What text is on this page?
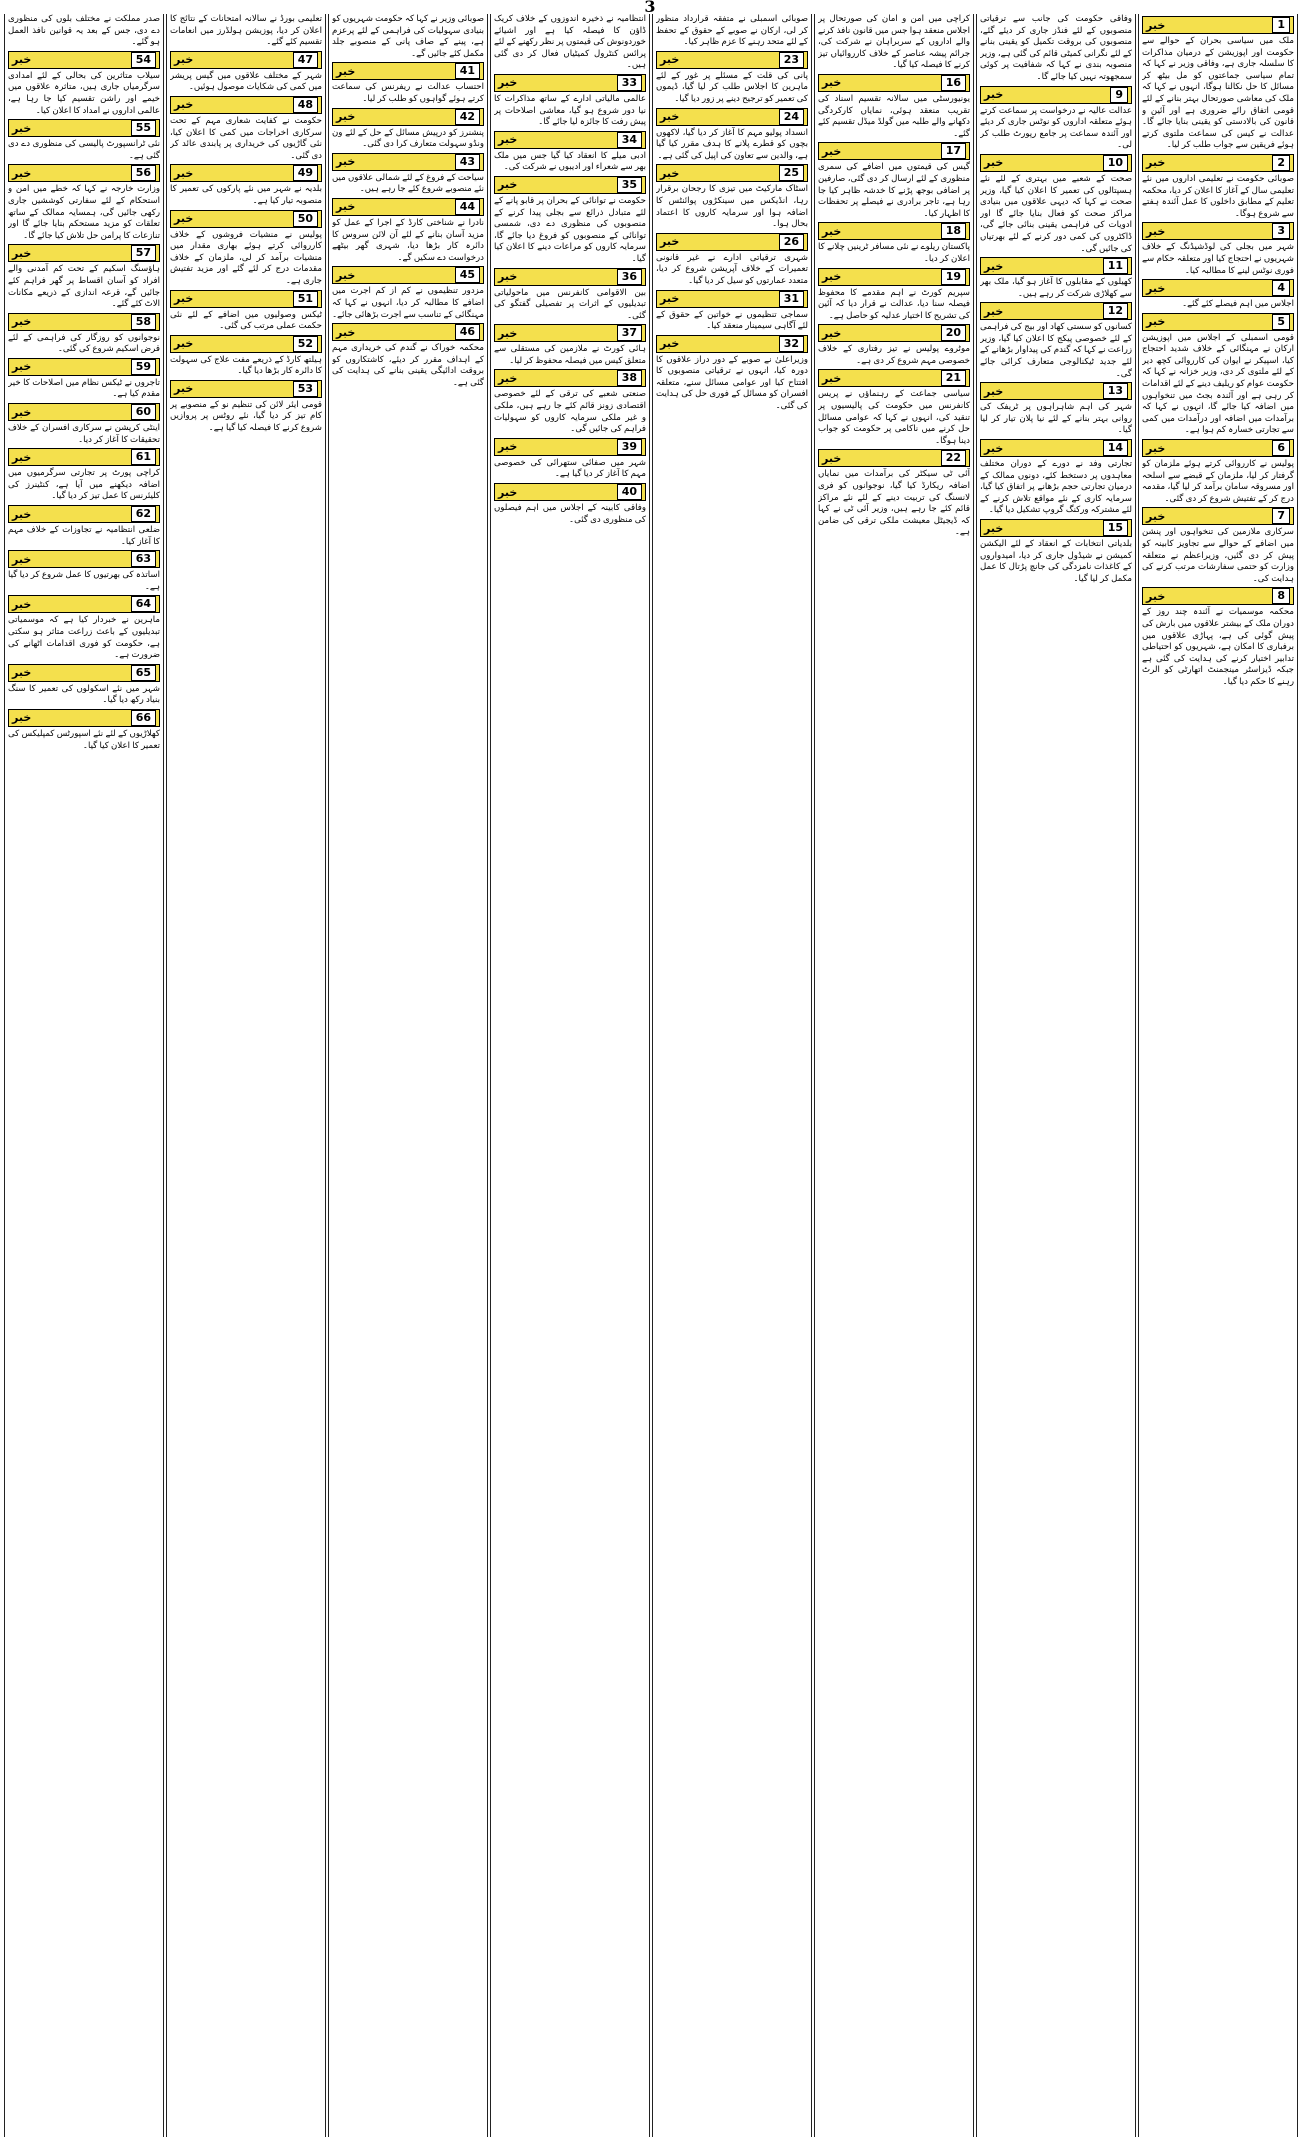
3
1
خبر

ملک میں سیاسی بحران کے حوالے سے حکومت اور اپوزیشن کے درمیان مذاکرات کا سلسلہ جاری ہے، وفاقی وزیر نے کہا کہ تمام سیاسی جماعتوں کو مل بیٹھ کر مسائل کا حل نکالنا ہوگا، انہوں نے کہا کہ ملک کی معاشی صورتحال بہتر بنانے کے لئے قومی اتفاق رائے ضروری ہے اور آئین و قانون کی بالادستی کو یقینی بنایا جائے گا۔ عدالت نے کیس کی سماعت ملتوی کرتے ہوئے فریقین سے جواب طلب کر لیا۔

2
خبر

صوبائی حکومت نے تعلیمی اداروں میں نئے تعلیمی سال کے آغاز کا اعلان کر دیا، محکمہ تعلیم کے مطابق داخلوں کا عمل آئندہ ہفتے سے شروع ہوگا۔

3
خبر

شہر میں بجلی کی لوڈشیڈنگ کے خلاف شہریوں نے احتجاج کیا اور متعلقہ حکام سے فوری نوٹس لینے کا مطالبہ کیا۔

4
خبر

اجلاس میں اہم فیصلے کئے گئے۔

5
خبر

قومی اسمبلی کے اجلاس میں اپوزیشن ارکان نے مہنگائی کے خلاف شدید احتجاج کیا، اسپیکر نے ایوان کی کارروائی کچھ دیر کے لئے ملتوی کر دی، وزیر خزانہ نے کہا کہ حکومت عوام کو ریلیف دینے کے لئے اقدامات کر رہی ہے اور آئندہ بجٹ میں تنخواہوں میں اضافہ کیا جائے گا، انہوں نے کہا کہ برآمدات میں اضافہ اور درآمدات میں کمی سے تجارتی خسارہ کم ہوا ہے۔

6
خبر

پولیس نے کارروائی کرتے ہوئے ملزمان کو گرفتار کر لیا، ملزمان کے قبضے سے اسلحہ اور مسروقہ سامان برآمد کر لیا گیا، مقدمہ درج کر کے تفتیش شروع کر دی گئی۔

7
خبر

سرکاری ملازمین کی تنخواہوں اور پنشن میں اضافے کے حوالے سے تجاویز کابینہ کو پیش کر دی گئیں، وزیراعظم نے متعلقہ وزارت کو حتمی سفارشات مرتب کرنے کی ہدایت کی۔

8
خبر

محکمہ موسمیات نے آئندہ چند روز کے دوران ملک کے بیشتر علاقوں میں بارش کی پیش گوئی کی ہے، پہاڑی علاقوں میں برفباری کا امکان ہے، شہریوں کو احتیاطی تدابیر اختیار کرنے کی ہدایت کی گئی ہے جبکہ ڈیزاسٹر مینجمنٹ اتھارٹی کو الرٹ رہنے کا حکم دیا گیا۔

وفاقی حکومت کی جانب سے ترقیاتی منصوبوں کے لئے فنڈز جاری کر دیئے گئے، منصوبوں کی بروقت تکمیل کو یقینی بنانے کے لئے نگرانی کمیٹی قائم کی گئی ہے، وزیر منصوبہ بندی نے کہا کہ شفافیت پر کوئی سمجھوتہ نہیں کیا جائے گا۔

9
خبر

عدالت عالیہ نے درخواست پر سماعت کرتے ہوئے متعلقہ اداروں کو نوٹس جاری کر دیئے اور آئندہ سماعت پر جامع رپورٹ طلب کر لی۔

10
خبر

صحت کے شعبے میں بہتری کے لئے نئے ہسپتالوں کی تعمیر کا اعلان کیا گیا، وزیر صحت نے کہا کہ دیہی علاقوں میں بنیادی مراکز صحت کو فعال بنایا جائے گا اور ادویات کی فراہمی یقینی بنائی جائے گی، ڈاکٹروں کی کمی دور کرنے کے لئے بھرتیاں کی جائیں گی۔

11
خبر

کھیلوں کے مقابلوں کا آغاز ہو گیا، ملک بھر سے کھلاڑی شرکت کر رہے ہیں۔

12
خبر

کسانوں کو سستی کھاد اور بیج کی فراہمی کے لئے خصوصی پیکج کا اعلان کیا گیا، وزیر زراعت نے کہا کہ گندم کی پیداوار بڑھانے کے لئے جدید ٹیکنالوجی متعارف کرائی جائے گی۔

13
خبر

شہر کی اہم شاہراہوں پر ٹریفک کی روانی بہتر بنانے کے لئے نیا پلان تیار کر لیا گیا۔

14
خبر

تجارتی وفد نے دورے کے دوران مختلف معاہدوں پر دستخط کئے، دونوں ممالک کے درمیان تجارتی حجم بڑھانے پر اتفاق کیا گیا، سرمایہ کاری کے نئے مواقع تلاش کرنے کے لئے مشترکہ ورکنگ گروپ تشکیل دیا گیا۔

15
خبر

بلدیاتی انتخابات کے انعقاد کے لئے الیکشن کمیشن نے شیڈول جاری کر دیا، امیدواروں کے کاغذات نامزدگی کی جانچ پڑتال کا عمل مکمل کر لیا گیا۔

کراچی میں امن و امان کی صورتحال پر اجلاس منعقد ہوا جس میں قانون نافذ کرنے والے اداروں کے سربراہان نے شرکت کی، جرائم پیشہ عناصر کے خلاف کارروائیاں تیز کرنے کا فیصلہ کیا گیا۔

16
خبر

یونیورسٹی میں سالانہ تقسیم اسناد کی تقریب منعقد ہوئی، نمایاں کارکردگی دکھانے والے طلبہ میں گولڈ میڈل تقسیم کئے گئے۔

17
خبر

گیس کی قیمتوں میں اضافے کی سمری منظوری کے لئے ارسال کر دی گئی، صارفین پر اضافی بوجھ پڑنے کا خدشہ ظاہر کیا جا رہا ہے، تاجر برادری نے فیصلے پر تحفظات کا اظہار کیا۔

18
خبر

پاکستان ریلوے نے نئی مسافر ٹرینیں چلانے کا اعلان کر دیا۔

19
خبر

سپریم کورٹ نے اہم مقدمے کا محفوظ فیصلہ سنا دیا، عدالت نے قرار دیا کہ آئین کی تشریح کا اختیار عدلیہ کو حاصل ہے۔

20
خبر

موٹروے پولیس نے تیز رفتاری کے خلاف خصوصی مہم شروع کر دی ہے۔

21
خبر

سیاسی جماعت کے رہنماؤں نے پریس کانفرنس میں حکومت کی پالیسیوں پر تنقید کی، انہوں نے کہا کہ عوامی مسائل حل کرنے میں ناکامی پر حکومت کو جواب دینا ہوگا۔

22
خبر

آئی ٹی سیکٹر کی برآمدات میں نمایاں اضافہ ریکارڈ کیا گیا، نوجوانوں کو فری لانسنگ کی تربیت دینے کے لئے نئے مراکز قائم کئے جا رہے ہیں، وزیر آئی ٹی نے کہا کہ ڈیجیٹل معیشت ملکی ترقی کی ضامن ہے۔

صوبائی اسمبلی نے متفقہ قرارداد منظور کر لی، ارکان نے صوبے کے حقوق کے تحفظ کے لئے متحد رہنے کا عزم ظاہر کیا۔

23
خبر

پانی کی قلت کے مسئلے پر غور کے لئے ماہرین کا اجلاس طلب کر لیا گیا، ڈیموں کی تعمیر کو ترجیح دینے پر زور دیا گیا۔

24
خبر

انسداد پولیو مہم کا آغاز کر دیا گیا، لاکھوں بچوں کو قطرے پلانے کا ہدف مقرر کیا گیا ہے، والدین سے تعاون کی اپیل کی گئی ہے۔

25
خبر

اسٹاک مارکیٹ میں تیزی کا رجحان برقرار رہا، انڈیکس میں سینکڑوں پوائنٹس کا اضافہ ہوا اور سرمایہ کاروں کا اعتماد بحال ہوا۔

26
خبر

شہری ترقیاتی ادارے نے غیر قانونی تعمیرات کے خلاف آپریشن شروع کر دیا، متعدد عمارتوں کو سیل کر دیا گیا۔

31
خبر

سماجی تنظیموں نے خواتین کے حقوق کے لئے آگاہی سیمینار منعقد کیا۔

32
خبر

وزیراعلیٰ نے صوبے کے دور دراز علاقوں کا دورہ کیا، انہوں نے ترقیاتی منصوبوں کا افتتاح کیا اور عوامی مسائل سنے، متعلقہ افسران کو مسائل کے فوری حل کی ہدایت کی گئی۔

انتظامیہ نے ذخیرہ اندوزوں کے خلاف کریک ڈاؤن کا فیصلہ کیا ہے اور اشیائے خوردونوش کی قیمتوں پر نظر رکھنے کے لئے پرائس کنٹرول کمیٹیاں فعال کر دی گئی ہیں۔

33
خبر

عالمی مالیاتی ادارے کے ساتھ مذاکرات کا نیا دور شروع ہو گیا، معاشی اصلاحات پر پیش رفت کا جائزہ لیا جائے گا۔

34
خبر

ادبی میلے کا انعقاد کیا گیا جس میں ملک بھر سے شعراء اور ادیبوں نے شرکت کی۔

35
خبر

حکومت نے توانائی کے بحران پر قابو پانے کے لئے متبادل ذرائع سے بجلی پیدا کرنے کے منصوبوں کی منظوری دے دی، شمسی توانائی کے منصوبوں کو فروغ دیا جائے گا، سرمایہ کاروں کو مراعات دینے کا اعلان کیا گیا۔

36
خبر

بین الاقوامی کانفرنس میں ماحولیاتی تبدیلیوں کے اثرات پر تفصیلی گفتگو کی گئی۔

37
خبر

ہائی کورٹ نے ملازمین کی مستقلی سے متعلق کیس میں فیصلہ محفوظ کر لیا۔

38
خبر

صنعتی شعبے کی ترقی کے لئے خصوصی اقتصادی زونز قائم کئے جا رہے ہیں، ملکی و غیر ملکی سرمایہ کاروں کو سہولیات فراہم کی جائیں گی۔

39
خبر

شہر میں صفائی ستھرائی کی خصوصی مہم کا آغاز کر دیا گیا ہے۔

40
خبر

وفاقی کابینہ کے اجلاس میں اہم فیصلوں کی منظوری دی گئی۔

صوبائی وزیر نے کہا کہ حکومت شہریوں کو بنیادی سہولیات کی فراہمی کے لئے پرعزم ہے، پینے کے صاف پانی کے منصوبے جلد مکمل کئے جائیں گے۔

41
خبر

احتساب عدالت نے ریفرنس کی سماعت کرتے ہوئے گواہوں کو طلب کر لیا۔

42
خبر

پنشنرز کو درپیش مسائل کے حل کے لئے ون ونڈو سہولت متعارف کرا دی گئی۔

43
خبر

سیاحت کے فروغ کے لئے شمالی علاقوں میں نئے منصوبے شروع کئے جا رہے ہیں۔

44
خبر

نادرا نے شناختی کارڈ کے اجرا کے عمل کو مزید آسان بنانے کے لئے آن لائن سروس کا دائرہ کار بڑھا دیا، شہری گھر بیٹھے درخواست دے سکیں گے۔

45
خبر

مزدور تنظیموں نے کم از کم اجرت میں اضافے کا مطالبہ کر دیا، انہوں نے کہا کہ مہنگائی کے تناسب سے اجرت بڑھائی جائے۔

46
خبر

محکمہ خوراک نے گندم کی خریداری مہم کے اہداف مقرر کر دیئے، کاشتکاروں کو بروقت ادائیگی یقینی بنانے کی ہدایت کی گئی ہے۔

تعلیمی بورڈ نے سالانہ امتحانات کے نتائج کا اعلان کر دیا، پوزیشن ہولڈرز میں انعامات تقسیم کئے گئے۔

47
خبر

شہر کے مختلف علاقوں میں گیس پریشر میں کمی کی شکایات موصول ہوئیں۔

48
خبر

حکومت نے کفایت شعاری مہم کے تحت سرکاری اخراجات میں کمی کا اعلان کیا، نئی گاڑیوں کی خریداری پر پابندی عائد کر دی گئی۔

49
خبر

بلدیہ نے شہر میں نئے پارکوں کی تعمیر کا منصوبہ تیار کیا ہے۔

50
خبر

پولیس نے منشیات فروشوں کے خلاف کارروائی کرتے ہوئے بھاری مقدار میں منشیات برآمد کر لی، ملزمان کے خلاف مقدمات درج کر لئے گئے اور مزید تفتیش جاری ہے۔

51
خبر

ٹیکس وصولیوں میں اضافے کے لئے نئی حکمت عملی مرتب کی گئی۔

52
خبر

ہیلتھ کارڈ کے ذریعے مفت علاج کی سہولت کا دائرہ کار بڑھا دیا گیا۔

53
خبر

قومی ایئر لائن کی تنظیم نو کے منصوبے پر کام تیز کر دیا گیا، نئے روٹس پر پروازیں شروع کرنے کا فیصلہ کیا گیا ہے۔

صدر مملکت نے مختلف بلوں کی منظوری دے دی، جس کے بعد یہ قوانین نافذ العمل ہو گئے۔

54
خبر

سیلاب متاثرین کی بحالی کے لئے امدادی سرگرمیاں جاری ہیں، متاثرہ علاقوں میں خیمے اور راشن تقسیم کیا جا رہا ہے، عالمی اداروں نے امداد کا اعلان کیا۔

55
خبر

نئی ٹرانسپورٹ پالیسی کی منظوری دے دی گئی ہے۔

56
خبر

وزارت خارجہ نے کہا کہ خطے میں امن و استحکام کے لئے سفارتی کوششیں جاری رکھی جائیں گی، ہمسایہ ممالک کے ساتھ تعلقات کو مزید مستحکم بنایا جائے گا اور تنازعات کا پرامن حل تلاش کیا جائے گا۔

57
خبر

ہاؤسنگ اسکیم کے تحت کم آمدنی والے افراد کو آسان اقساط پر گھر فراہم کئے جائیں گے، قرعہ اندازی کے ذریعے مکانات الاٹ کئے گئے۔

58
خبر

نوجوانوں کو روزگار کی فراہمی کے لئے قرض اسکیم شروع کی گئی۔

59
خبر

تاجروں نے ٹیکس نظام میں اصلاحات کا خیر مقدم کیا ہے۔

60
خبر

اینٹی کرپشن نے سرکاری افسران کے خلاف تحقیقات کا آغاز کر دیا۔

61
خبر

کراچی پورٹ پر تجارتی سرگرمیوں میں اضافہ دیکھنے میں آیا ہے، کنٹینرز کی کلیئرنس کا عمل تیز کر دیا گیا۔

62
خبر

ضلعی انتظامیہ نے تجاوزات کے خلاف مہم کا آغاز کیا۔

63
خبر

اساتذہ کی بھرتیوں کا عمل شروع کر دیا گیا ہے۔

64
خبر

ماہرین نے خبردار کیا ہے کہ موسمیاتی تبدیلیوں کے باعث زراعت متاثر ہو سکتی ہے، حکومت کو فوری اقدامات اٹھانے کی ضرورت ہے۔

65
خبر

شہر میں نئے اسکولوں کی تعمیر کا سنگ بنیاد رکھ دیا گیا۔

66
خبر

کھلاڑیوں کے لئے نئے اسپورٹس کمپلیکس کی تعمیر کا اعلان کیا گیا۔
